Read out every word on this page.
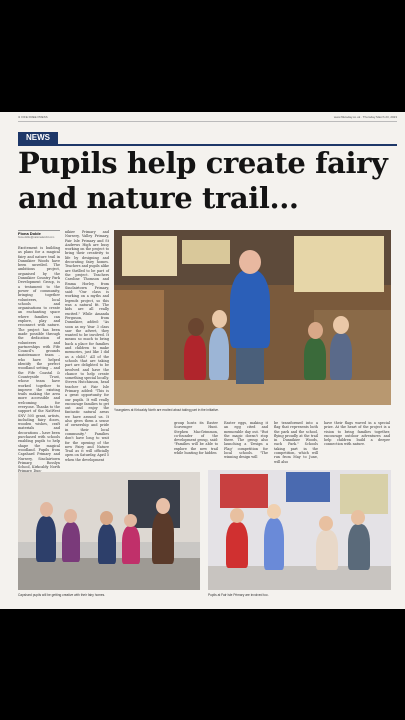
4 FIFE FREE PRESS	www.fifetoday.co.uk · Thursday March 23, 2023
NEWS
Pupils help create fairy and nature trail...
Fiona Doble
fiona.doble@nationalworld.com
Excitement is building as plans for a magical fairy and nature trail in Dunnikier Woods have been unveiled. The ambitious project, organised by the Dunnikier Country Park Development Group, is a testament to the power of community, bringing together volunteers, local schools and organisations to create an enchanting space where families can explore, play and reconnect with nature. The project has been made possible through the dedication of volunteers and partnerships with Fife Council's grounds maintenance team – who have helped identify the perfect woodland setting – and the Fife Coastal & Countryside Trust, whose team have worked together to improve the existing trails making the area more accessible and welcoming for everyone. Thanks to the support of the NatWest SNV 505 grant, artists, including fairy doors, wooden wishes, craft materials and decorations – have been purchased with schools enabling pupils to help shape the magical woodland. Pupils from Capshard Primary and Nursery, Sinclairtown Primary, Rosslyn School, Kirkcaldy North
nikier Primary and Nursery, Valley Primary, Fair Isle Primary and St Andrews High are busy working on the project to bring their creativity to life by designing and decorating fairy homes. Teachers and pupils alike are thrilled to be part of the project. Teachers Caroline Thomson and Emma Horley, from Sinclairtown Primary, said: "Our class is working on a myths and legends project, so this was a natural fit. The kids are all really excited." While Amanda Ferguson, from Dunnikier, added: "As soon as my Year 3 class saw the advert, they wanted to be involved. It means so much to bring back a place for families and children to make memories, just like I did as a child." All of the schools that are taking part are delighted to be involved and have the chance to help create something special locally. Steven Hutchinson, head teacher at Fair Isle Primary, added: "This is a great opportunity for our pupils. It will really encourage families to get out and enjoy the fantastic natural areas we have around us. It also gives them a sense of ownership and pride in their local community." Families don't have long to wait for the opening of the new Fairy and Nature Trail as it will officially open on Saturday, April 5 when the development
group hosts its Easter Scavenger Hunt. Stephen MacGrimmon, co-founder of the development group, said: "Families will be able to explore the new trail while hunting for hidden
Easter eggs, making it an egg cited and memorable day out. "But the magic doesn't stop there. The group also launching a 'Design a Flag' competition for local schools. "The winning design will
be transformed into a flag that represents both the park and the school, flying proudly at the trail in Dunnikier Woods, each Park." Schools taking part in the competition, which will run from May to June, will also
have their flags waved in a special prize. At the heart of the project is a vision to bring families together, encourage outdoor adventures and help children build a deeper connection with nature.
Youngsters at Kirkcaldy North are excited about taking part in the initiative.
Capshard pupils will be getting creative with their fairy homes.	Pupils at Fair Isle Primary are involved too.
